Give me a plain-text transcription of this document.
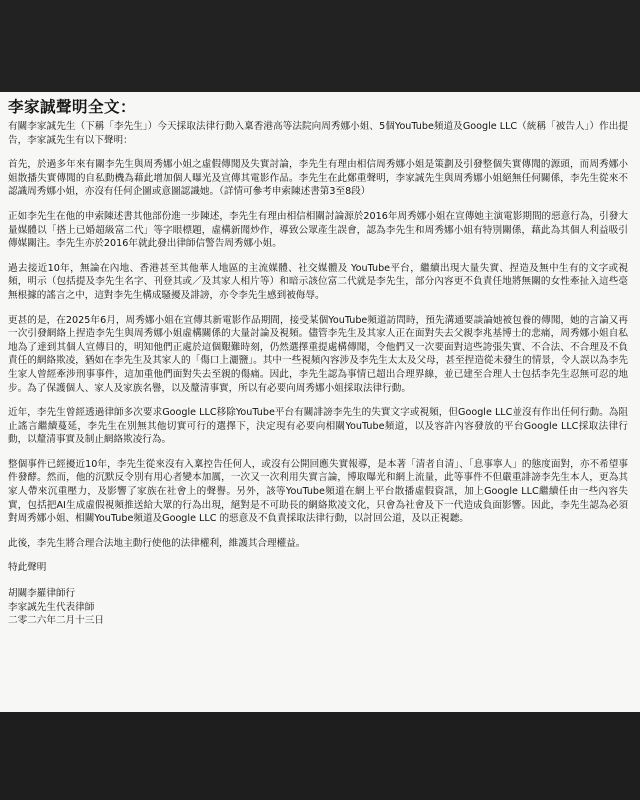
李家誠聲明全文：

有關李家誠先生（下稱「李先生」）今天採取法律行動入稟香港高等法院向周秀娜小姐、5個YouTube頻道及Google LLC（統稱「被告人」）作出提告，李家誠先生有以下聲明：

首先，於過多年來有關李先生與周秀娜小姐之虛假傳聞及失實討論，李先生有理由相信周秀娜小姐是策劃及引發整個失實傳聞的源頭，而周秀娜小姐散播失實傳聞的自私動機為藉此增加個人曝光及宣傳其電影作品。李先生在此鄭重聲明，李家誠先生與周秀娜小姐絕無任何關係，李先生從來不認識周秀娜小姐，亦沒有任何企圖或意圖認識她。（詳情可參考申索陳述書第3至8段）

正如李先生在他的申索陳述書其他部份進一步陳述，李先生有理由相信相關討論源於2016年周秀娜小姐在宣傳她主演電影期間的惡意行為，引發大量媒體以「搭上已婚超級富二代」等字眼標題，虛構新聞炒作，導致公眾產生誤會，認為李先生和周秀娜小姐有特別關係，藉此為其個人利益吸引傳媒關注。李先生亦於2016年就此發出律師信警告周秀娜小姐。

過去接近10年，無論在內地、香港甚至其他華人地區的主流媒體、社交媒體及 YouTube平台，繼續出現大量失實、捏造及無中生有的文字或視頻，明示（包括提及李先生名字、刊登其或／及其家人相片等）和暗示該位富二代就是李先生，部分內容更不負責任地將無關的女性牽扯入這些毫無根據的謠言之中，這對李先生構成騷擾及誹謗，亦令李先生感到被侮辱。

更甚的是，在2025年6月，周秀娜小姐在宣傳其新電影作品期間，接受某個YouTube頻道訪問時，預先溝通要談論她被包養的傳聞，她的言論又再一次引發網絡上捏造李先生與周秀娜小姐虛構關係的大量討論及視頻。儘管李先生及其家人正在面對失去父親李兆基博士的悲痛，周秀娜小姐自私地為了達到其個人宣傳目的，明知他們正處於這個艱難時刻，仍然選擇重提處構傳聞，令他們又一次要面對這些誇張失實、不合法、不合理及不負責任的網絡欺凌，猶如在李先生及其家人的「傷口上灑鹽」。其中一些視頻內容涉及李先生太太及父母，甚至捏造從未發生的情景，令人誤以為李先生家人曾經牽涉刑事事件，這加重他們面對失去至親的傷痛。因此，李先生認為事情已超出合理界線，並已建至合理人士包括李先生忍無可忍的地步。為了保護個人、家人及家族名譽，以及釐清事實，所以有必要向周秀娜小姐採取法律行動。

近年，李先生曾經透過律師多次要求Google LLC移除YouTube平台有關誹謗李先生的失實文字或視頻，但Google LLC並沒有作出任何行動。為阻止謠言繼續蔓延，李先生在別無其他切實可行的選擇下，決定現有必要向相關YouTube頻道，以及容許內容發放的平台Google LLC採取法律行動，以釐清事實及制止網絡欺凌行為。

整個事件已經擾近10年，李先生從來沒有入稟控告任何人，或沒有公開回應失實報導，是本著「清者自清」、「息事寧人」的態度面對，亦不希望事件發酵。然而，他的沉默反令別有用心者變本加厲，一次又一次利用失實言論，博取曝光和網上流量，此等事件不但嚴重誹謗李先生本人，更為其家人帶來沉重壓力，及影響了家族在社會上的聲譽。另外，該等YouTube頻道在網上平台散播虛假資訊，加上Google LLC繼續任由一些內容失實，包括把AI生成虛假視頻推送給大眾的行為出現，絕對是不可助長的網絡欺凌文化，只會為社會及下一代造成負面影響。因此，李先生認為必須對周秀娜小姐、相關YouTube頻道及Google LLC 的惡意及不負責採取法律行動，以討回公道，及以正視聽。

此後，李先生將合理合法地主動行使他的法律權利，維護其合理權益。

特此聲明

胡關李羅律師行

李家誠先生代表律師

二零二六年二月十三日
